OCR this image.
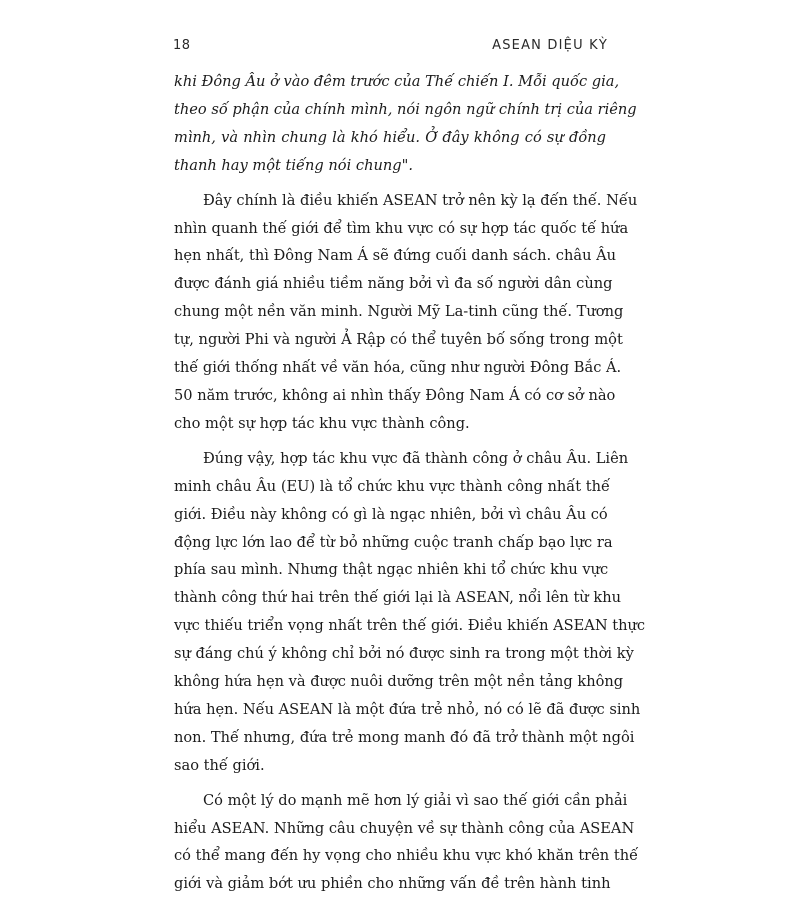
18	ASEAN DIỆU KỲ
khi Đông Âu ở vào đêm trước của Thế chiến I. Mỗi quốc gia,
theo số phận của chính mình, nói ngôn ngữ chính trị của riêng
mình, và nhìn chung là khó hiểu. Ở đây không có sự đồng
thanh hay một tiếng nói chung".
Đây chính là điều khiến ASEAN trở nên kỳ lạ đến thế. Nếu
nhìn quanh thế giới để tìm khu vực có sự hợp tác quốc tế hứa
hẹn nhất, thì Đông Nam Á sẽ đứng cuối danh sách. châu Âu
được đánh giá nhiều tiềm năng bởi vì đa số người dân cùng
chung một nền văn minh. Người Mỹ La-tinh cũng thế. Tương
tự, người Phi và người Ả Rập có thể tuyên bố sống trong một
thế giới thống nhất về văn hóa, cũng như người Đông Bắc Á.
50 năm trước, không ai nhìn thấy Đông Nam Á có cơ sở nào
cho một sự hợp tác khu vực thành công.
Đúng vậy, hợp tác khu vực đã thành công ở châu Âu. Liên
minh châu Âu (EU) là tổ chức khu vực thành công nhất thế
giới. Điều này không có gì là ngạc nhiên, bởi vì châu Âu có
động lực lớn lao để từ bỏ những cuộc tranh chấp bạo lực ra
phía sau mình. Nhưng thật ngạc nhiên khi tổ chức khu vực
thành công thứ hai trên thế giới lại là ASEAN, nổi lên từ khu
vực thiếu triển vọng nhất trên thế giới. Điều khiến ASEAN thực
sự đáng chú ý không chỉ bởi nó được sinh ra trong một thời kỳ
không hứa hẹn và được nuôi dưỡng trên một nền tảng không
hứa hẹn. Nếu ASEAN là một đứa trẻ nhỏ, nó có lẽ đã được sinh
non. Thế nhưng, đứa trẻ mong manh đó đã trở thành một ngôi
sao thế giới.
Có một lý do mạnh mẽ hơn lý giải vì sao thế giới cần phải
hiểu ASEAN. Những câu chuyện về sự thành công của ASEAN
có thể mang đến hy vọng cho nhiều khu vực khó khăn trên thế
giới và giảm bớt ưu phiền cho những vấn đề trên hành tinh
